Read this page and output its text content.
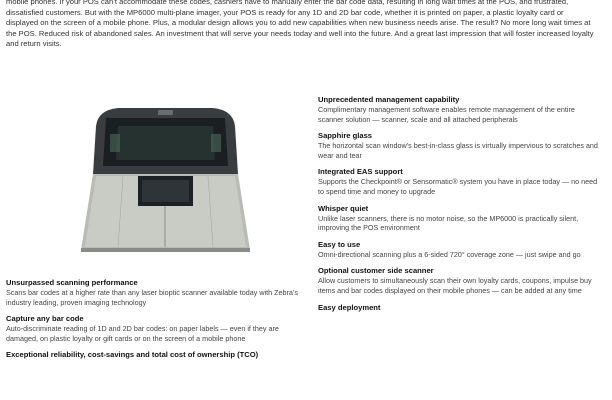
mobile phones. If your POS can’t accommodate these codes, cashiers have to manually enter the bar code data, resulting in long wait times at the POS, and frustrated, dissatisfied customers. But with the MP6000 multi-plane imager, your POS is ready for any 1D and 2D bar code, whether it is printed on paper, a plastic loyalty card or displayed on the screen of a mobile phone. Plus, a modular design allows you to add new capabilities when new business needs arise. The result? No more long wait times at the POS. Reduced risk of abandoned sales. An investment that will serve your needs today and well into the future. And a great last impression that will foster increased loyalty and return visits.

Unsurpassed scanning performance

Scans bar codes at a higher rate than any laser bioptic scanner available today with Zebra’s industry leading, proven imaging technology

Capture any bar code

Auto-discriminate reading of 1D and 2D bar codes: on paper labels — even if they are damaged, on plastic loyalty or gift cards or on the screen of a mobile phone

Exceptional reliability, cost-savings and total cost of ownership (TCO)

Unprecedented management capability

Complimentary management software enables remote management of the entire scanner solution — scanner, scale and all attached peripherals

Sapphire glass

The horizontal scan window’s best-in-class glass is virtually impervious to scratches and wear and tear

Integrated EAS support

Supports the Checkpoint® or Sensormatic® system you have in place today — no need to spend time and money to upgrade

Whisper quiet

Unlike laser scanners, there is no motor noise, so the MP6000 is practically silent, improving the POS environment

Easy to use

Omni-directional scanning plus a 6-sided 720° coverage zone — just swipe and go

Optional customer side scanner

Allow customers to simultaneously scan their own loyalty cards, coupons, impulse buy items and bar codes displayed on their mobile phones — can be added at any time

Easy deployment
